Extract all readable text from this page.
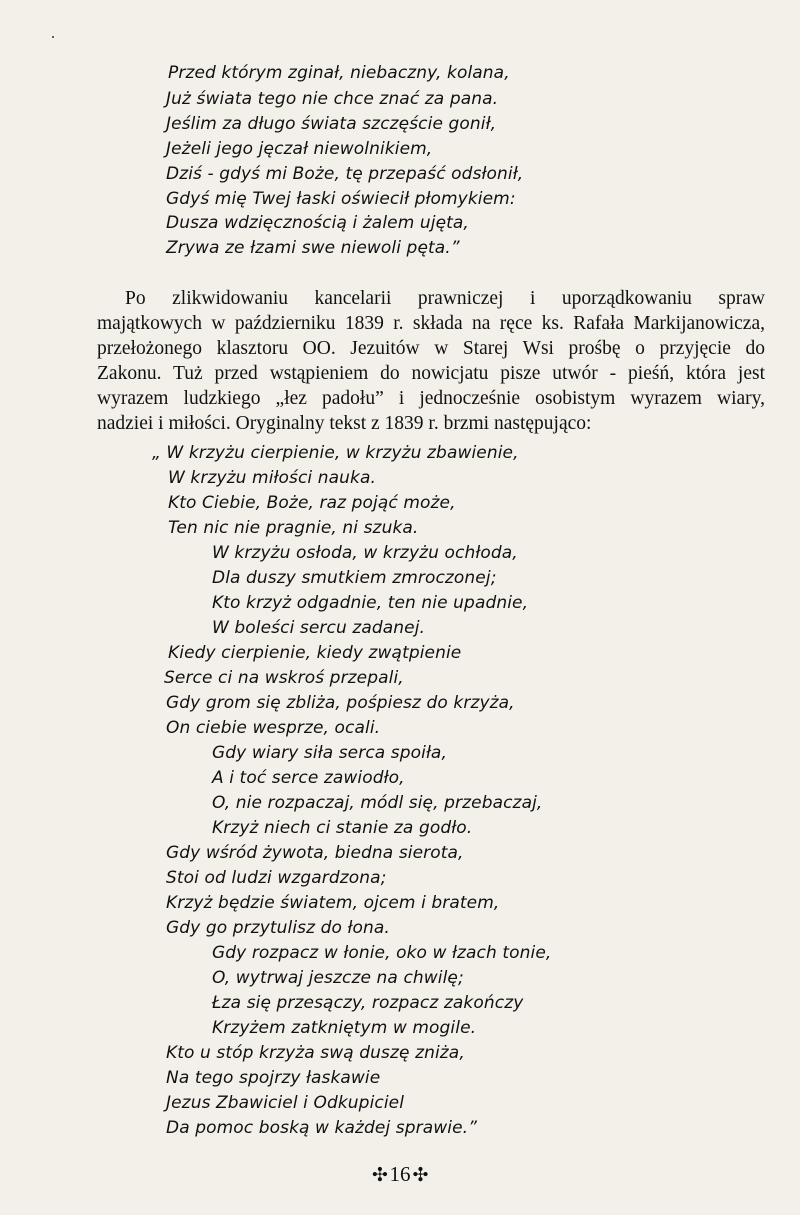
Przed którym zginał, niebaczny, kolana,
Już świata tego nie chce znać za pana.
Jeślim za długo świata szczęście gonił,
Jeżeli jego jęczał niewolnikiem,
Dziś - gdyś mi Boże, tę przepaść odsłonił,
Gdyś mię Twej łaski oświecił płomykiem:
Dusza wdzięcznością i żalem ujęta,
Zrywa ze łzami swe niewoli pęta.”
Po zlikwidowaniu kancelarii prawniczej i uporządkowaniu spraw
majątkowych w październiku 1839 r. składa na ręce ks. Rafała Markijanowicza,
przełożonego klasztoru OO. Jezuitów w Starej Wsi prośbę o przyjęcie do
Zakonu. Tuż przed wstąpieniem do nowicjatu pisze utwór - pieśń, która jest
wyrazem ludzkiego „łez padołu” i jednocześnie osobistym wyrazem wiary,
nadziei i miłości. Oryginalny tekst z 1839 r. brzmi następująco:
„ W krzyżu cierpienie, w krzyżu zbawienie,
W krzyżu miłości nauka.
Kto Ciebie, Boże, raz pojąć może,
Ten nic nie pragnie, ni szuka.
W krzyżu osłoda, w krzyżu ochłoda,
Dla duszy smutkiem zmroczonej;
Kto krzyż odgadnie, ten nie upadnie,
W boleści sercu zadanej.
Kiedy cierpienie, kiedy zwątpienie
Serce ci na wskroś przepali,
Gdy grom się zbliża, pośpiesz do krzyża,
On ciebie wesprze, ocali.
Gdy wiary siła serca spoiła,
A i toć serce zawiodło,
O, nie rozpaczaj, módl się, przebaczaj,
Krzyż niech ci stanie za godło.
Gdy wśród żywota, biedna sierota,
Stoi od ludzi wzgardzona;
Krzyż będzie światem, ojcem i bratem,
Gdy go przytulisz do łona.
Gdy rozpacz w łonie, oko w łzach tonie,
O, wytrwaj jeszcze na chwilę;
Łza się przesączy, rozpacz zakończy
Krzyżem zatkniętym w mogile.
Kto u stóp krzyża swą duszę zniża,
Na tego spojrzy łaskawie
Jezus Zbawiciel i Odkupiciel
Da pomoc boską w każdej sprawie.”
✣16 ✣
